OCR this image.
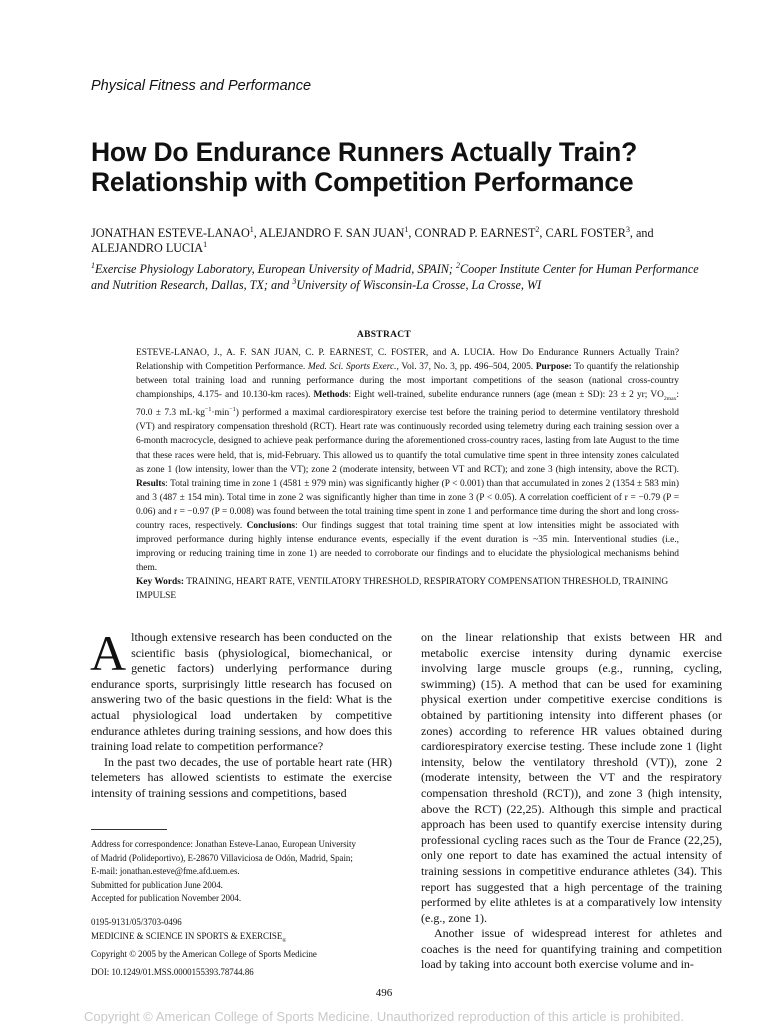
Physical Fitness and Performance
How Do Endurance Runners Actually Train?
Relationship with Competition Performance
JONATHAN ESTEVE-LANAO$^1$, ALEJANDRO F. SAN JUAN$^1$, CONRAD P. EARNEST$^2$, CARL FOSTER$^3$, and
ALEJANDRO LUCIA$^1$
$^1$Exercise Physiology Laboratory, European University of Madrid, SPAIN; $^2$Cooper Institute Center for Human Performance and Nutrition Research, Dallas, TX; and $^3$University of Wisconsin-La Crosse, La Crosse, WI
ABSTRACT

ESTEVE-LANAO, J., A. F. SAN JUAN, C. P. EARNEST, C. FOSTER, and A. LUCIA. How Do Endurance Runners Actually Train? Relationship with Competition Performance. Med. Sci. Sports Exerc., Vol. 37, No. 3, pp. 496–504, 2005. Purpose: To quantify the relationship between total training load and running performance during the most important competitions of the season (national cross-country championships, 4.175- and 10.130-km races). Methods: Eight well-trained, subelite endurance runners (age (mean ± SD): 23 ± 2 yr; $VO_{2max}$: 70.0 ± 7.3 $mL\cdot kg^{-1}\cdot\min^{-1}$) performed a maximal cardiorespiratory exercise test before the training period to determine ventilatory threshold (VT) and respiratory compensation threshold (RCT). Heart rate was continuously recorded using telemetry during each training session over a 6-month macrocycle, designed to achieve peak performance during the aforementioned cross-country races, lasting from late August to the time that these races were held, that is, mid-February. This allowed us to quantify the total cumulative time spent in three intensity zones calculated as zone 1 (low intensity, lower than the VT); zone 2 (moderate intensity, between VT and RCT); and zone 3 (high intensity, above the RCT). Results: Total training time in zone 1 (4581 ± 979 min) was significantly higher (P < 0.001) than that accumulated in zones 2 (1354 ± 583 min) and 3 (487 ± 154 min). Total time in zone 2 was significantly higher than time in zone 3 (P < 0.05). A correlation coefficient of r = −0.79 (P = 0.06) and r = −0.97 (P = 0.008) was found between the total training time spent in zone 1 and performance time during the short and long cross-country races, respectively. Conclusions: Our findings suggest that total training time spent at low intensities might be associated with improved performance during highly intense endurance events, especially if the event duration is ~35 min. Interventional studies (i.e., improving or reducing training time in zone 1) are needed to corroborate our findings and to elucidate the physiological mechanisms behind them.

Key Words: TRAINING, HEART RATE, VENTILATORY THRESHOLD, RESPIRATORY COMPENSATION THRESHOLD, TRAINING IMPULSE

Although extensive research has been conducted on the scientific basis (physiological, biomechanical, or genetic factors) underlying performance during endurance sports, surprisingly little research has focused on answering two of the basic questions in the field: What is the actual physiological load undertaken by competitive endurance athletes during training sessions, and how does this training load relate to competition performance?

In the past two decades, the use of portable heart rate (HR) telemeters has allowed scientists to estimate the exercise intensity of training sessions and competitions, based

on the linear relationship that exists between HR and metabolic exercise intensity during dynamic exercise involving large muscle groups (e.g., running, cycling, swimming) (15). A method that can be used for examining physical exertion under competitive exercise conditions is obtained by partitioning intensity into different phases (or zones) according to reference HR values obtained during cardiorespiratory exercise testing. These include zone 1 (light intensity, below the ventilatory threshold (VT)), zone 2 (moderate intensity, between the VT and the respiratory compensation threshold (RCT)), and zone 3 (high intensity, above the RCT) (22,25). Although this simple and practical approach has been used to quantify exercise intensity during professional cycling races such as the Tour de France (22,25), only one report to date has examined the actual intensity of training sessions in competitive endurance athletes (34). This report has suggested that a high percentage of the training performed by elite athletes is at a comparatively low intensity (e.g., zone 1).

Another issue of widespread interest for athletes and coaches is the need for quantifying training and competition load by taking into account both exercise volume and in-

Address for correspondence: Jonathan Esteve-Lanao, European University
of Madrid (Polideportivo), E-28670 Villaviciosa de Odón, Madrid, Spain;
E-mail: jonathan.esteve@fme.afd.uem.es.
Submitted for publication June 2004.
Accepted for publication November 2004.
0195-9131/05/3703-0496
MEDICINE & SCIENCE IN SPORTS & $EXERCISE_®$
Copyright © 2005 by the American College of Sports Medicine
DOI: 10.1249/01.MSS.0000155393.78744.86
496
Copyright © American College of Sports Medicine. Unauthorized reproduction of this article is prohibited.
